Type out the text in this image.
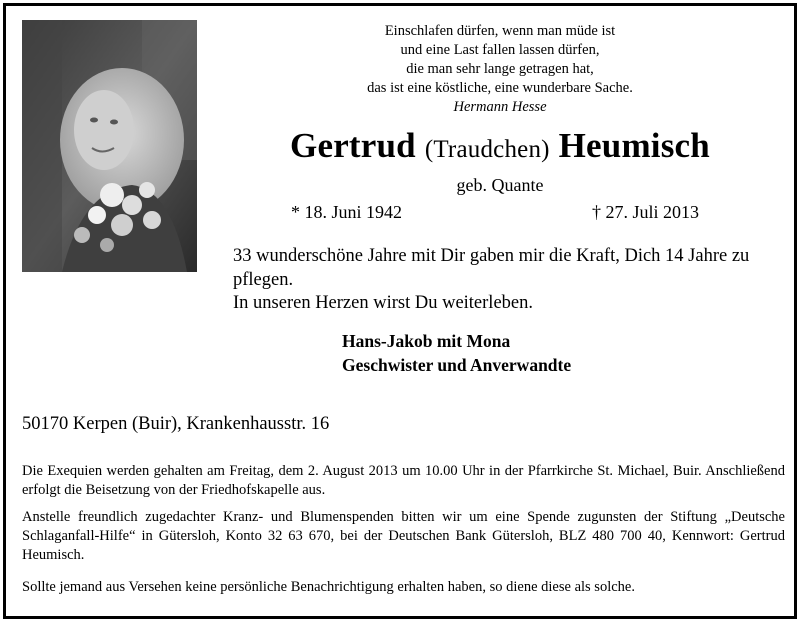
Einschlafen dürfen, wenn man müde ist
und eine Last fallen lassen dürfen,
die man sehr lange getragen hat,
das ist eine köstliche, eine wunderbare Sache.
Hermann Hesse
Gertrud (Traudchen) Heumisch
geb. Quante
* 18. Juni 1942	† 27. Juli 2013
33 wunderschöne Jahre mit Dir gaben mir die Kraft, Dich 14 Jahre zu pflegen.
In unseren Herzen wirst Du weiterleben.
Hans-Jakob mit Mona
Geschwister und Anverwandte
50170 Kerpen (Buir), Krankenhausstr. 16
Die Exequien werden gehalten am Freitag, dem 2. August 2013 um 10.00 Uhr in der Pfarrkirche St. Michael, Buir. Anschließend erfolgt die Beisetzung von der Friedhofskapelle aus.
Anstelle freundlich zugedachter Kranz- und Blumenspenden bitten wir um eine Spende zugunsten der Stiftung „Deutsche Schlaganfall-Hilfe“ in Gütersloh, Konto 32 63 670, bei der Deutschen Bank Gütersloh, BLZ 480 700 40, Kennwort: Gertrud Heumisch.
Sollte jemand aus Versehen keine persönliche Benachrichtigung erhalten haben, so diene diese als solche.
